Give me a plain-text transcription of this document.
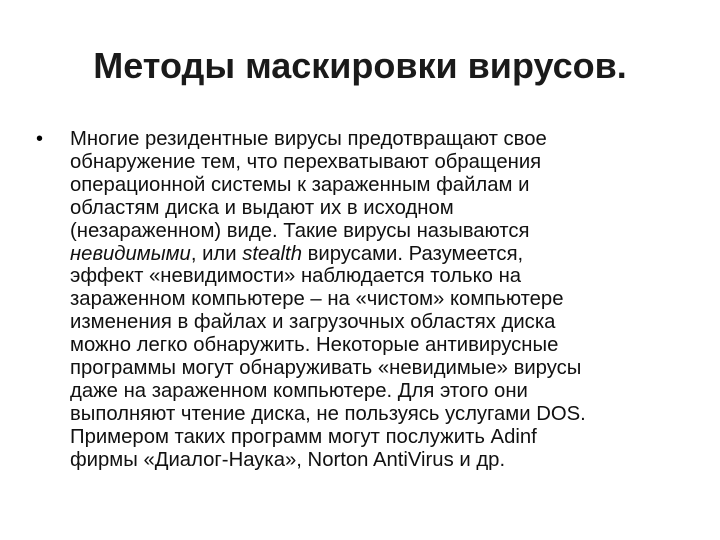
Методы маскировки вирусов.
•	Многие резидентные вирусы предотвращают свое
обнаружение тем, что перехватывают обращения
операционной системы к зараженным файлам и
областям диска и выдают их в исходном
(незараженном) виде. Такие вирусы называются
невидимыми, или stealth вирусами. Разумеется,
эффект «невидимости» наблюдается только на
зараженном компьютере – на «чистом» компьютере
изменения в файлах и загрузочных областях диска
можно легко обнаружить. Некоторые антивирусные
программы могут обнаруживать «невидимые» вирусы
даже на зараженном компьютере. Для этого они
выполняют чтение диска, не пользуясь услугами DOS.
Примером таких программ могут послужить Adinf
фирмы «Диалог-Наука», Norton AntiVirus и др.
